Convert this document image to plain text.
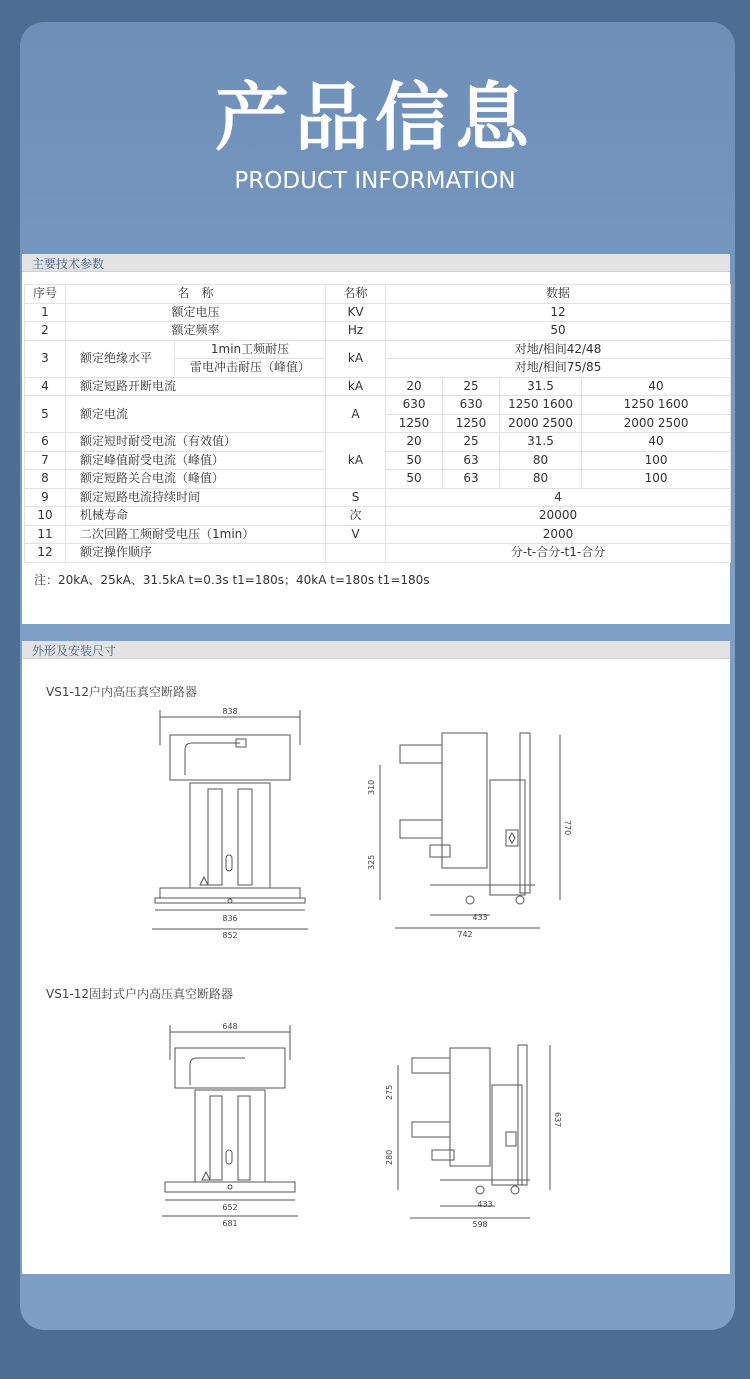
产品信息
PRODUCT INFORMATION
主要技术参数
序号	名　称		名称	数据			
1	额定电压		KV	12			
2	额定频率		Hz	50			
3	额定绝缘水平	1min工频耐压	kA	对地/相间42/48			
		雷电冲击耐压（峰值）		对地/相间75/85			
4	额定短路开断电流		kA	20	25	31.5	40
5	额定电流		A	630	630	1250 1600	1250 1600
				1250	1250	2000 2500	2000 2500
6	额定短时耐受电流（有效值）		kA	20	25	31.5	40
7	额定峰值耐受电流（峰值）			50	63	80	100
8	额定短路关合电流（峰值）			50	63	80	100
9	额定短路电流持续时间		S	4			
10	机械寿命		次	20000			
11	二次回路工频耐受电压（1min）		V	2000			
12	额定操作顺序			分-t-合分-t1-合分			
注：20kA、25kA、31.5kA t=0.3s t1=180s；40kA t=180s t1=180s
外形及安装尺寸
VS1-12户内高压真空断路器
VS1-12固封式户内高压真空断路器
838
836
852
770
310
325
433
742
648
652
681
637
275
280
433
598
